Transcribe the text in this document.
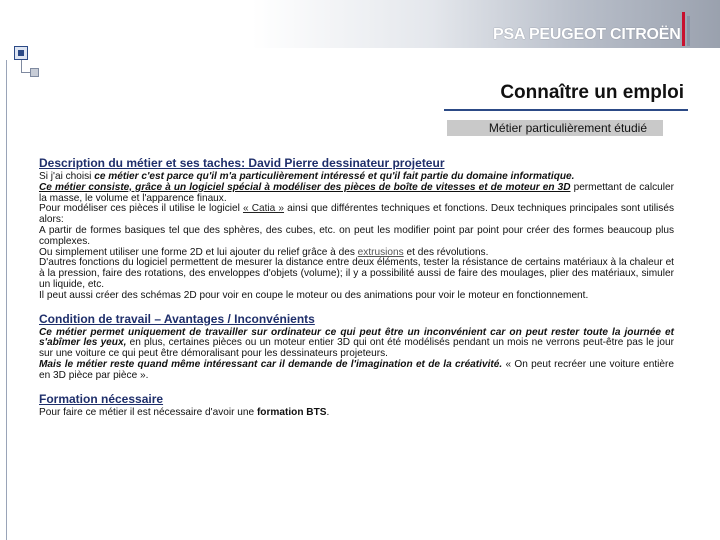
PSA PEUGEOT CITROËN
Connaître un emploi
Métier particulièrement étudié

Description du métier et ses taches: David Pierre dessinateur projeteur

Si j'ai choisi ce métier c'est parce qu'il m'a particulièrement intéressé et qu'il fait partie du domaine informatique.

Ce métier consiste, grâce à un logiciel spécial à modéliser des pièces de boîte de vitesses et de moteur en 3D permettant de calculer la masse, le volume et l'apparence finaux.

Pour modéliser ces pièces il utilise le logiciel « Catia » ainsi que différentes techniques et fonctions. Deux techniques principales sont utilisés alors:

A partir de formes basiques tel que des sphères, des cubes, etc. on peut les modifier point par point pour créer des formes beaucoup plus complexes.

Ou simplement utiliser une forme 2D et lui ajouter du relief grâce à des extrusions et des révolutions.

D'autres fonctions du logiciel permettent de mesurer la distance entre deux éléments, tester la résistance de certains matériaux à la chaleur et à la pression, faire des rotations, des enveloppes d'objets (volume); il y a possibilité aussi de faire des moulages, plier des matériaux, simuler un liquide, etc.

Il peut aussi créer des schémas 2D pour voir en coupe le moteur ou des animations pour voir le moteur en fonctionnement.

Condition de travail – Avantages / Inconvénients

Ce métier permet uniquement de travailler sur ordinateur ce qui peut être un inconvénient car on peut rester toute la journée et s'abîmer les yeux, en plus, certaines pièces ou un moteur entier 3D qui ont été modélisés pendant un mois ne verrons peut-être pas le jour sur une voiture ce qui peut être démoralisant pour les dessinateurs projeteurs.

Mais le métier reste quand même intéressant car il demande de l'imagination et de la créativité. « On peut recréer une voiture entière en 3D pièce par pièce ».

Formation nécessaire

Pour faire ce métier il est nécessaire d'avoir une formation BTS.
